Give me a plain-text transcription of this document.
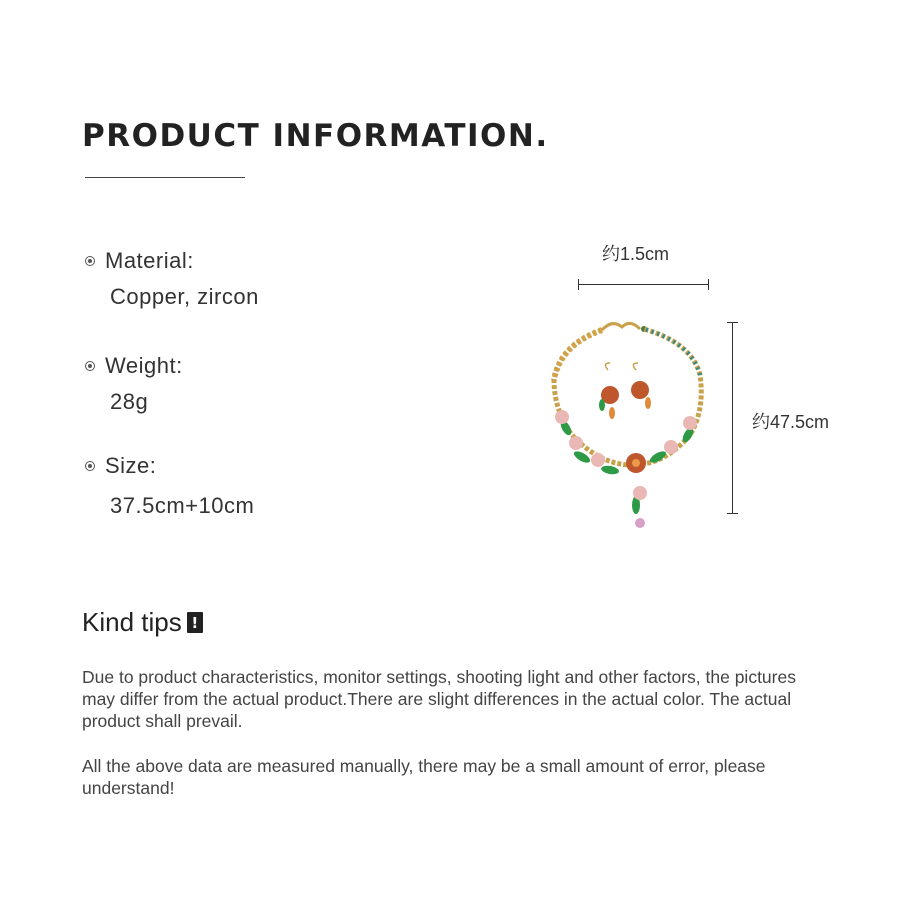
PRODUCT INFORMATION.
Material:
Copper, zircon
Weight:
28g
Size:
37.5cm+10cm
约1.5cm
约47.5cm
Kind tips !

Due to product characteristics, monitor settings, shooting light and other factors, the pictures may differ from the actual product.There are slight differences in the actual color. The actual product shall prevail.

All the above data are measured manually, there may be a small amount of error, please understand!
